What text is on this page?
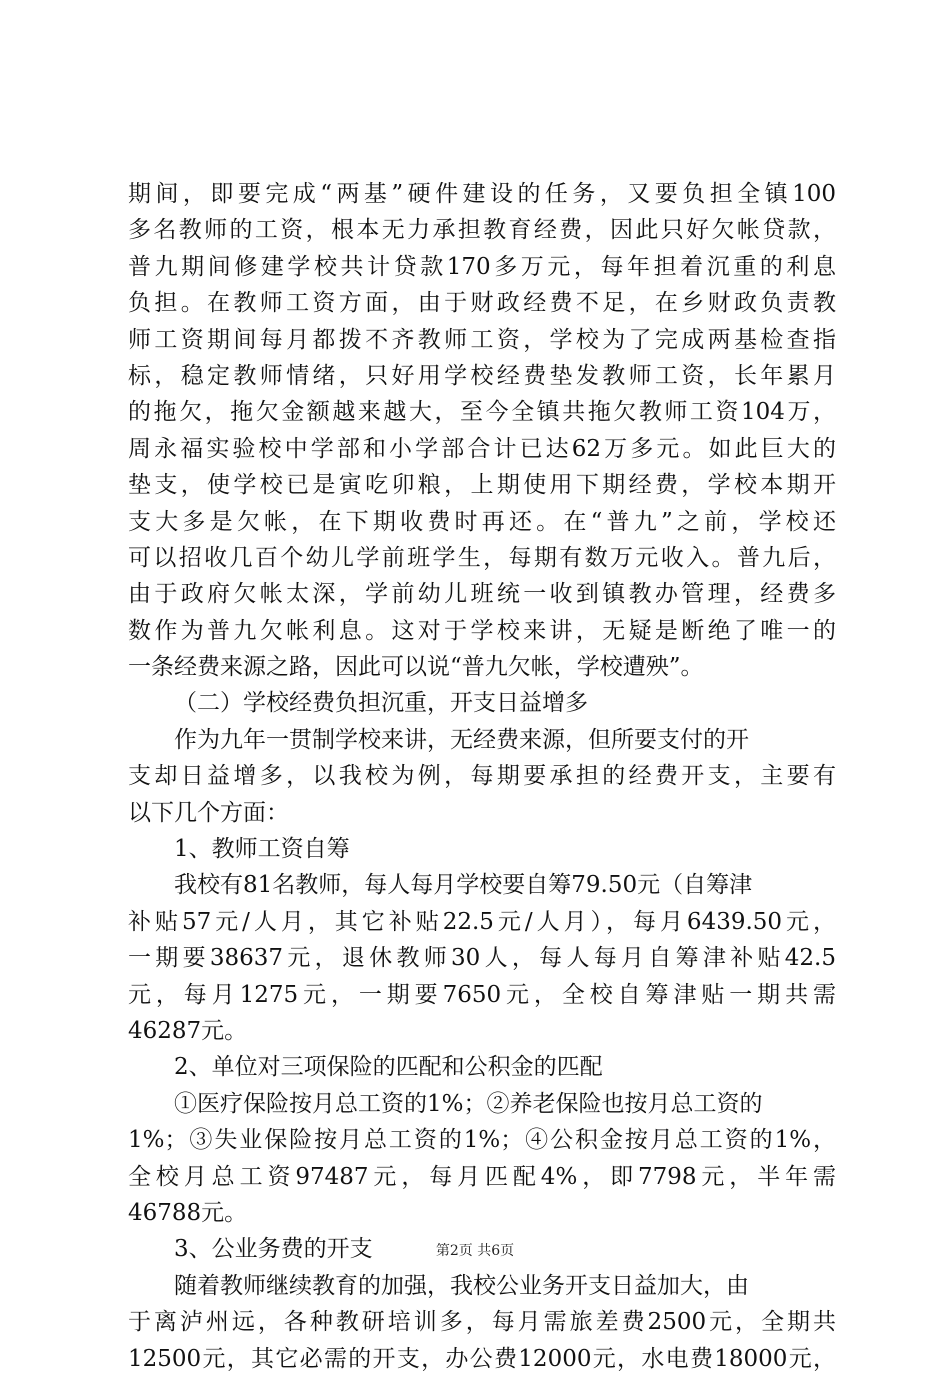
期间，即要完成“两基”硬件建设的任务，又要负担全镇100
多名教师的工资，根本无力承担教育经费，因此只好欠帐贷款，
普九期间修建学校共计贷款170多万元，每年担着沉重的利息
负担。在教师工资方面，由于财政经费不足，在乡财政负责教
师工资期间每月都拨不齐教师工资，学校为了完成两基检查指
标，稳定教师情绪，只好用学校经费垫发教师工资，长年累月
的拖欠，拖欠金额越来越大，至今全镇共拖欠教师工资104万，
周永福实验校中学部和小学部合计已达62万多元。如此巨大的
垫支，使学校已是寅吃卯粮，上期使用下期经费，学校本期开
支大多是欠帐，在下期收费时再还。在“普九”之前，学校还
可以招收几百个幼儿学前班学生，每期有数万元收入。普九后，
由于政府欠帐太深，学前幼儿班统一收到镇教办管理，经费多
数作为普九欠帐利息。这对于学校来讲，无疑是断绝了唯一的
一条经费来源之路，因此可以说“普九欠帐，学校遭殃”。
（二）学校经费负担沉重，开支日益增多
作为九年一贯制学校来讲，无经费来源，但所要支付的开
支却日益增多，以我校为例，每期要承担的经费开支，主要有
以下几个方面：
1、教师工资自筹
我校有81名教师，每人每月学校要自筹79.50元（自筹津
补贴57元/人月，其它补贴22.5元/人月），每月6439.50元，
一期要38637元，退休教师30人，每人每月自筹津补贴42.5
元，每月1275元，一期要7650元，全校自筹津贴一期共需
46287元。
2、单位对三项保险的匹配和公积金的匹配
①医疗保险按月总工资的1%；②养老保险也按月总工资的
1%；③失业保险按月总工资的1%；④公积金按月总工资的1%，
全校月总工资97487元，每月匹配4%，即7798元，半年需
46788元。
3、公业务费的开支
随着教师继续教育的加强，我校公业务开支日益加大，由
于离泸州远，各种教研培训多，每月需旅差费2500元，全期共
12500元，其它必需的开支，办公费12000元，水电费18000元，
第2页 共6页
